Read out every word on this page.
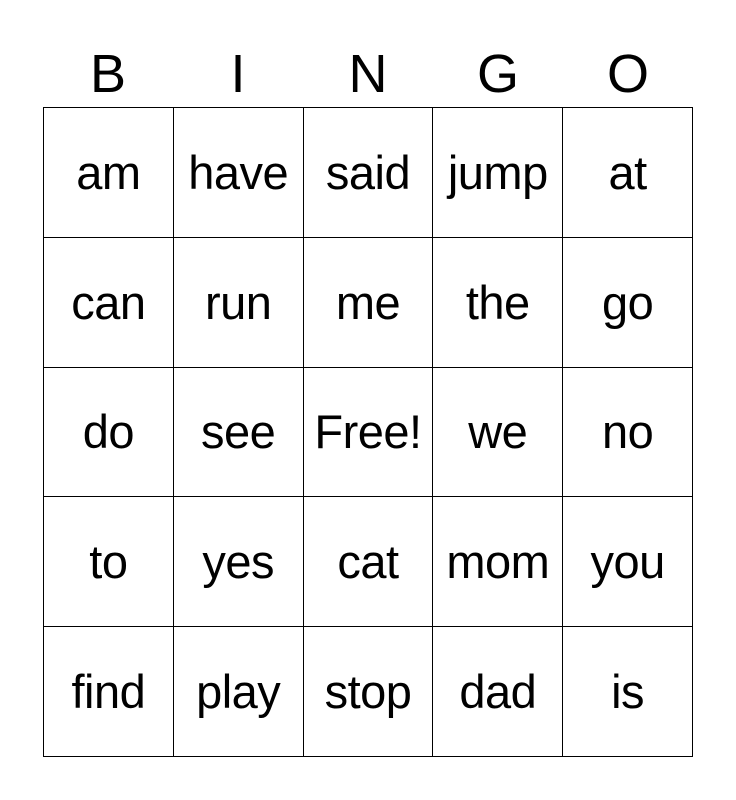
B	I	N	G	O
am have said jump at
can run me the go
do see Free! we no
to yes cat mom you
find play stop dad is
